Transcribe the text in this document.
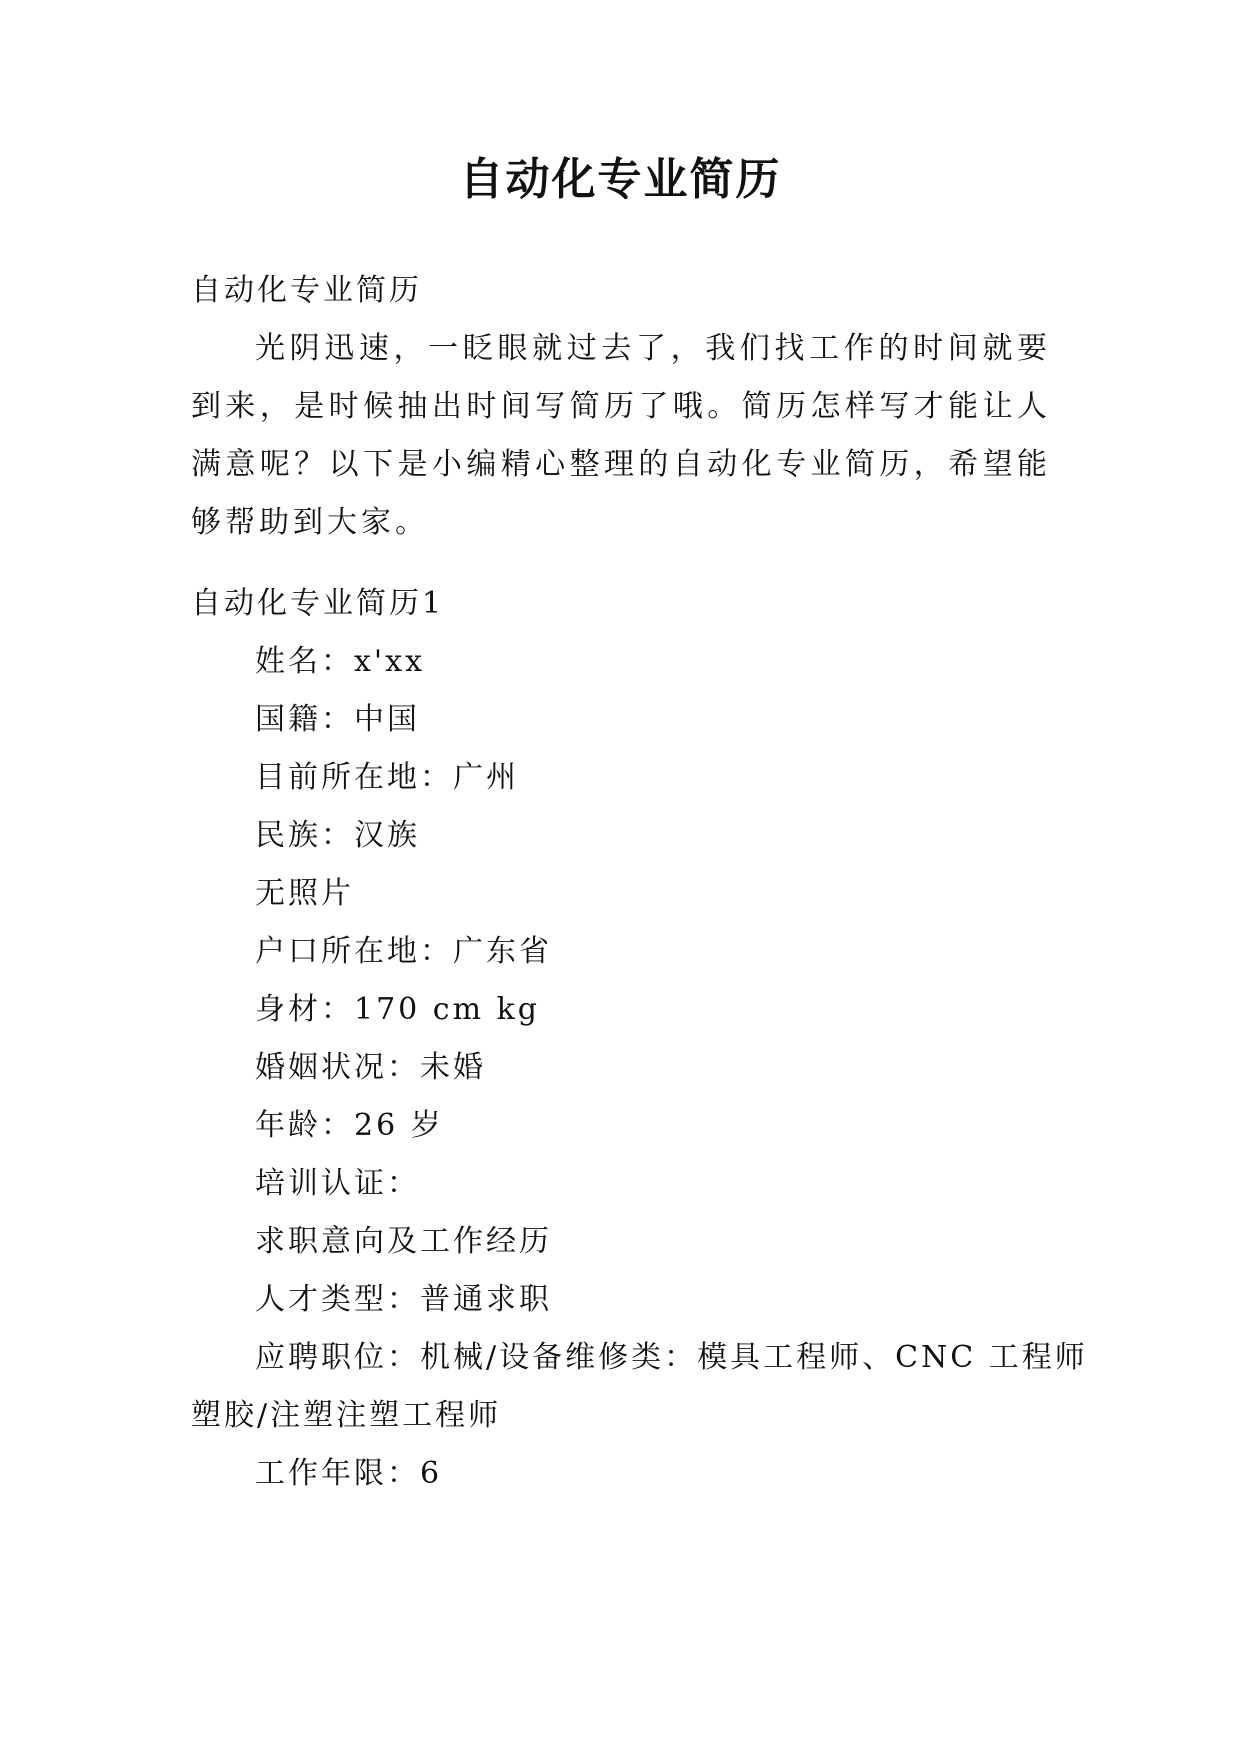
自动化专业简历

自动化专业简历

光阴迅速，一眨眼就过去了，我们找工作的时间就要到来，是时候抽出时间写简历了哦。简历怎样写才能让人满意呢？以下是小编精心整理的自动化专业简历，希望能够帮助到大家。

自动化专业简历1

姓名：x'xx

国籍：中国

目前所在地：广州

民族：汉族

无照片

户口所在地：广东省

身材：170 cm kg

婚姻状况：未婚

年龄：26 岁

培训认证：

求职意向及工作经历

人才类型：普通求职

应聘职位：机械/设备维修类：模具工程师、CNC 工程师

塑胶/注塑注塑工程师

工作年限：6
